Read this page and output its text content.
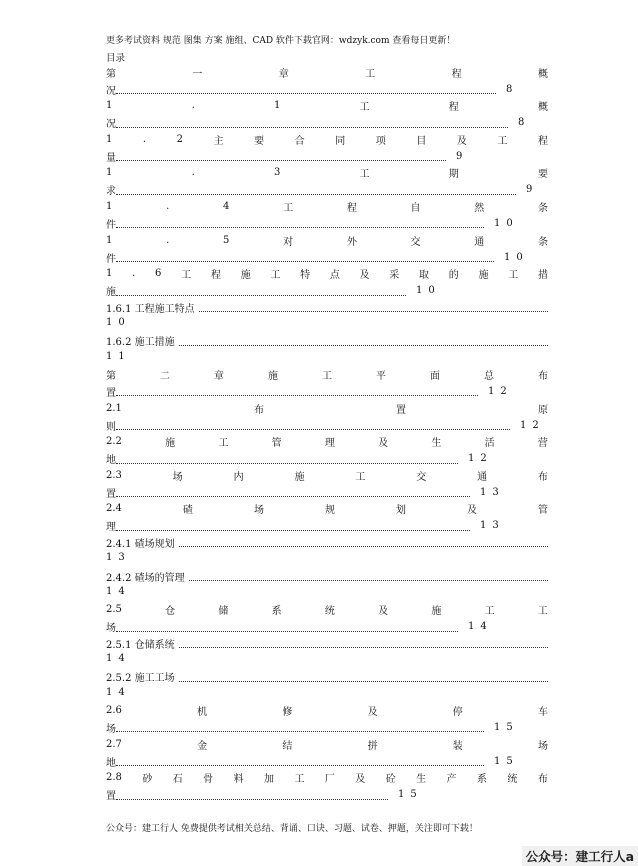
更多考试资料 规范 图集 方案 施组、CAD 软件下载官网：wdzyk.com 查看每日更新！
目录
第	一	章	工	程	概
况	8
1	.	1	工	程	概
况	8
1	.	2	主	要	合	同	项	目	及	工	程
量	9
1	.	3	工	期	要
求	9
1	.	4	工	程	自	然	条
件	10
1	.	5	对	外	交	通	条
件	10
1 . 6 工 程 施 工 特 点 及 采 取 的 施 工 措
施	10
1.6.1 工程施工特点
10
1.6.2 施工措施
11
第	二	章	施	工	平	面	总	布
置	12
2.1	布	置	原
则	12
2.2	施	工	管	理	及	生	活	营
地	12
2.3	场	内	施	工	交	通	布
置	13
2.4	碴	场	规	划	及	管
理	13
2.4.1 碴场规划
13
2.4.2 碴场的管理
14
2.5	仓	储	系	统	及	施	工	工
场	14
2.5.1 仓储系统
14
2.5.2 施工工场
14
2.6	机	修	及	停	车
场	15
2.7	金	结	拼	装	场
地	15
2.8 砂 石 骨 料 加 工 厂 及 砼 生 产 系 统 布
置	15
公众号：建工行人 免费提供考试相关总结、背诵、口诀、习题、试卷、押题，关注即可下载！
公众号：建工行人a
